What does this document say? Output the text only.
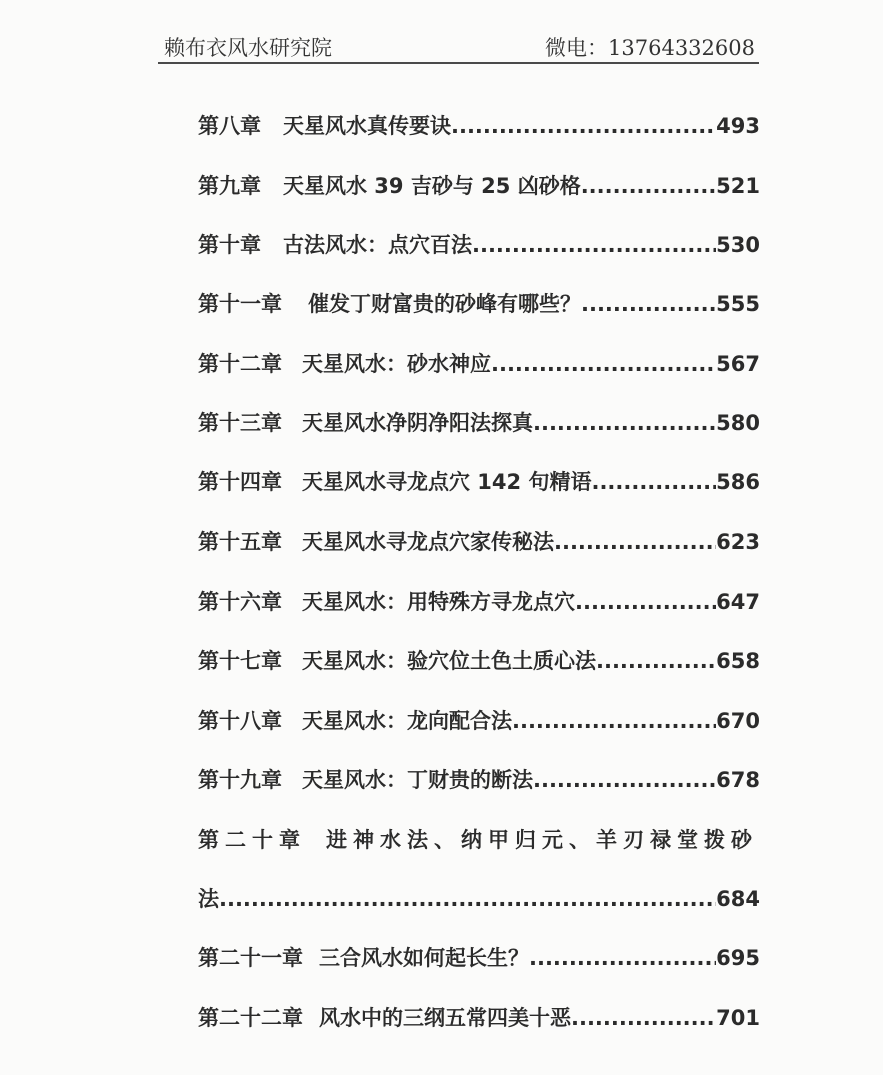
赖布衣风水研究院	微电：13764332608
第八章 天星风水真传要诀 .....	493
第九章 天星风水 39 吉砂与 25 凶砂格 .....	521
第十章 古法风水：点穴百法 .....	530
第十一章 催发丁财富贵的砂峰有哪些？ .....	555
第十二章 天星风水：砂水神应 .....	567
第十三章 天星风水净阴净阳法探真 .....	580
第十四章 天星风水寻龙点穴 142 句精语 .....	586
第十五章 天星风水寻龙点穴家传秘法 .....	623
第十六章 天星风水：用特殊方寻龙点穴 .....	647
第十七章 天星风水：验穴位土色土质心法 .....	658
第十八章 天星风水：龙向配合法 .....	670
第十九章 天星风水：丁财贵的断法 .....	678
第二十章 进神水法、纳甲归元、羊刃禄堂拨砂
法 .....	684
第二十一章 三合风水如何起长生？ .....	695
第二十二章 风水中的三纲五常四美十恶 .....	701
